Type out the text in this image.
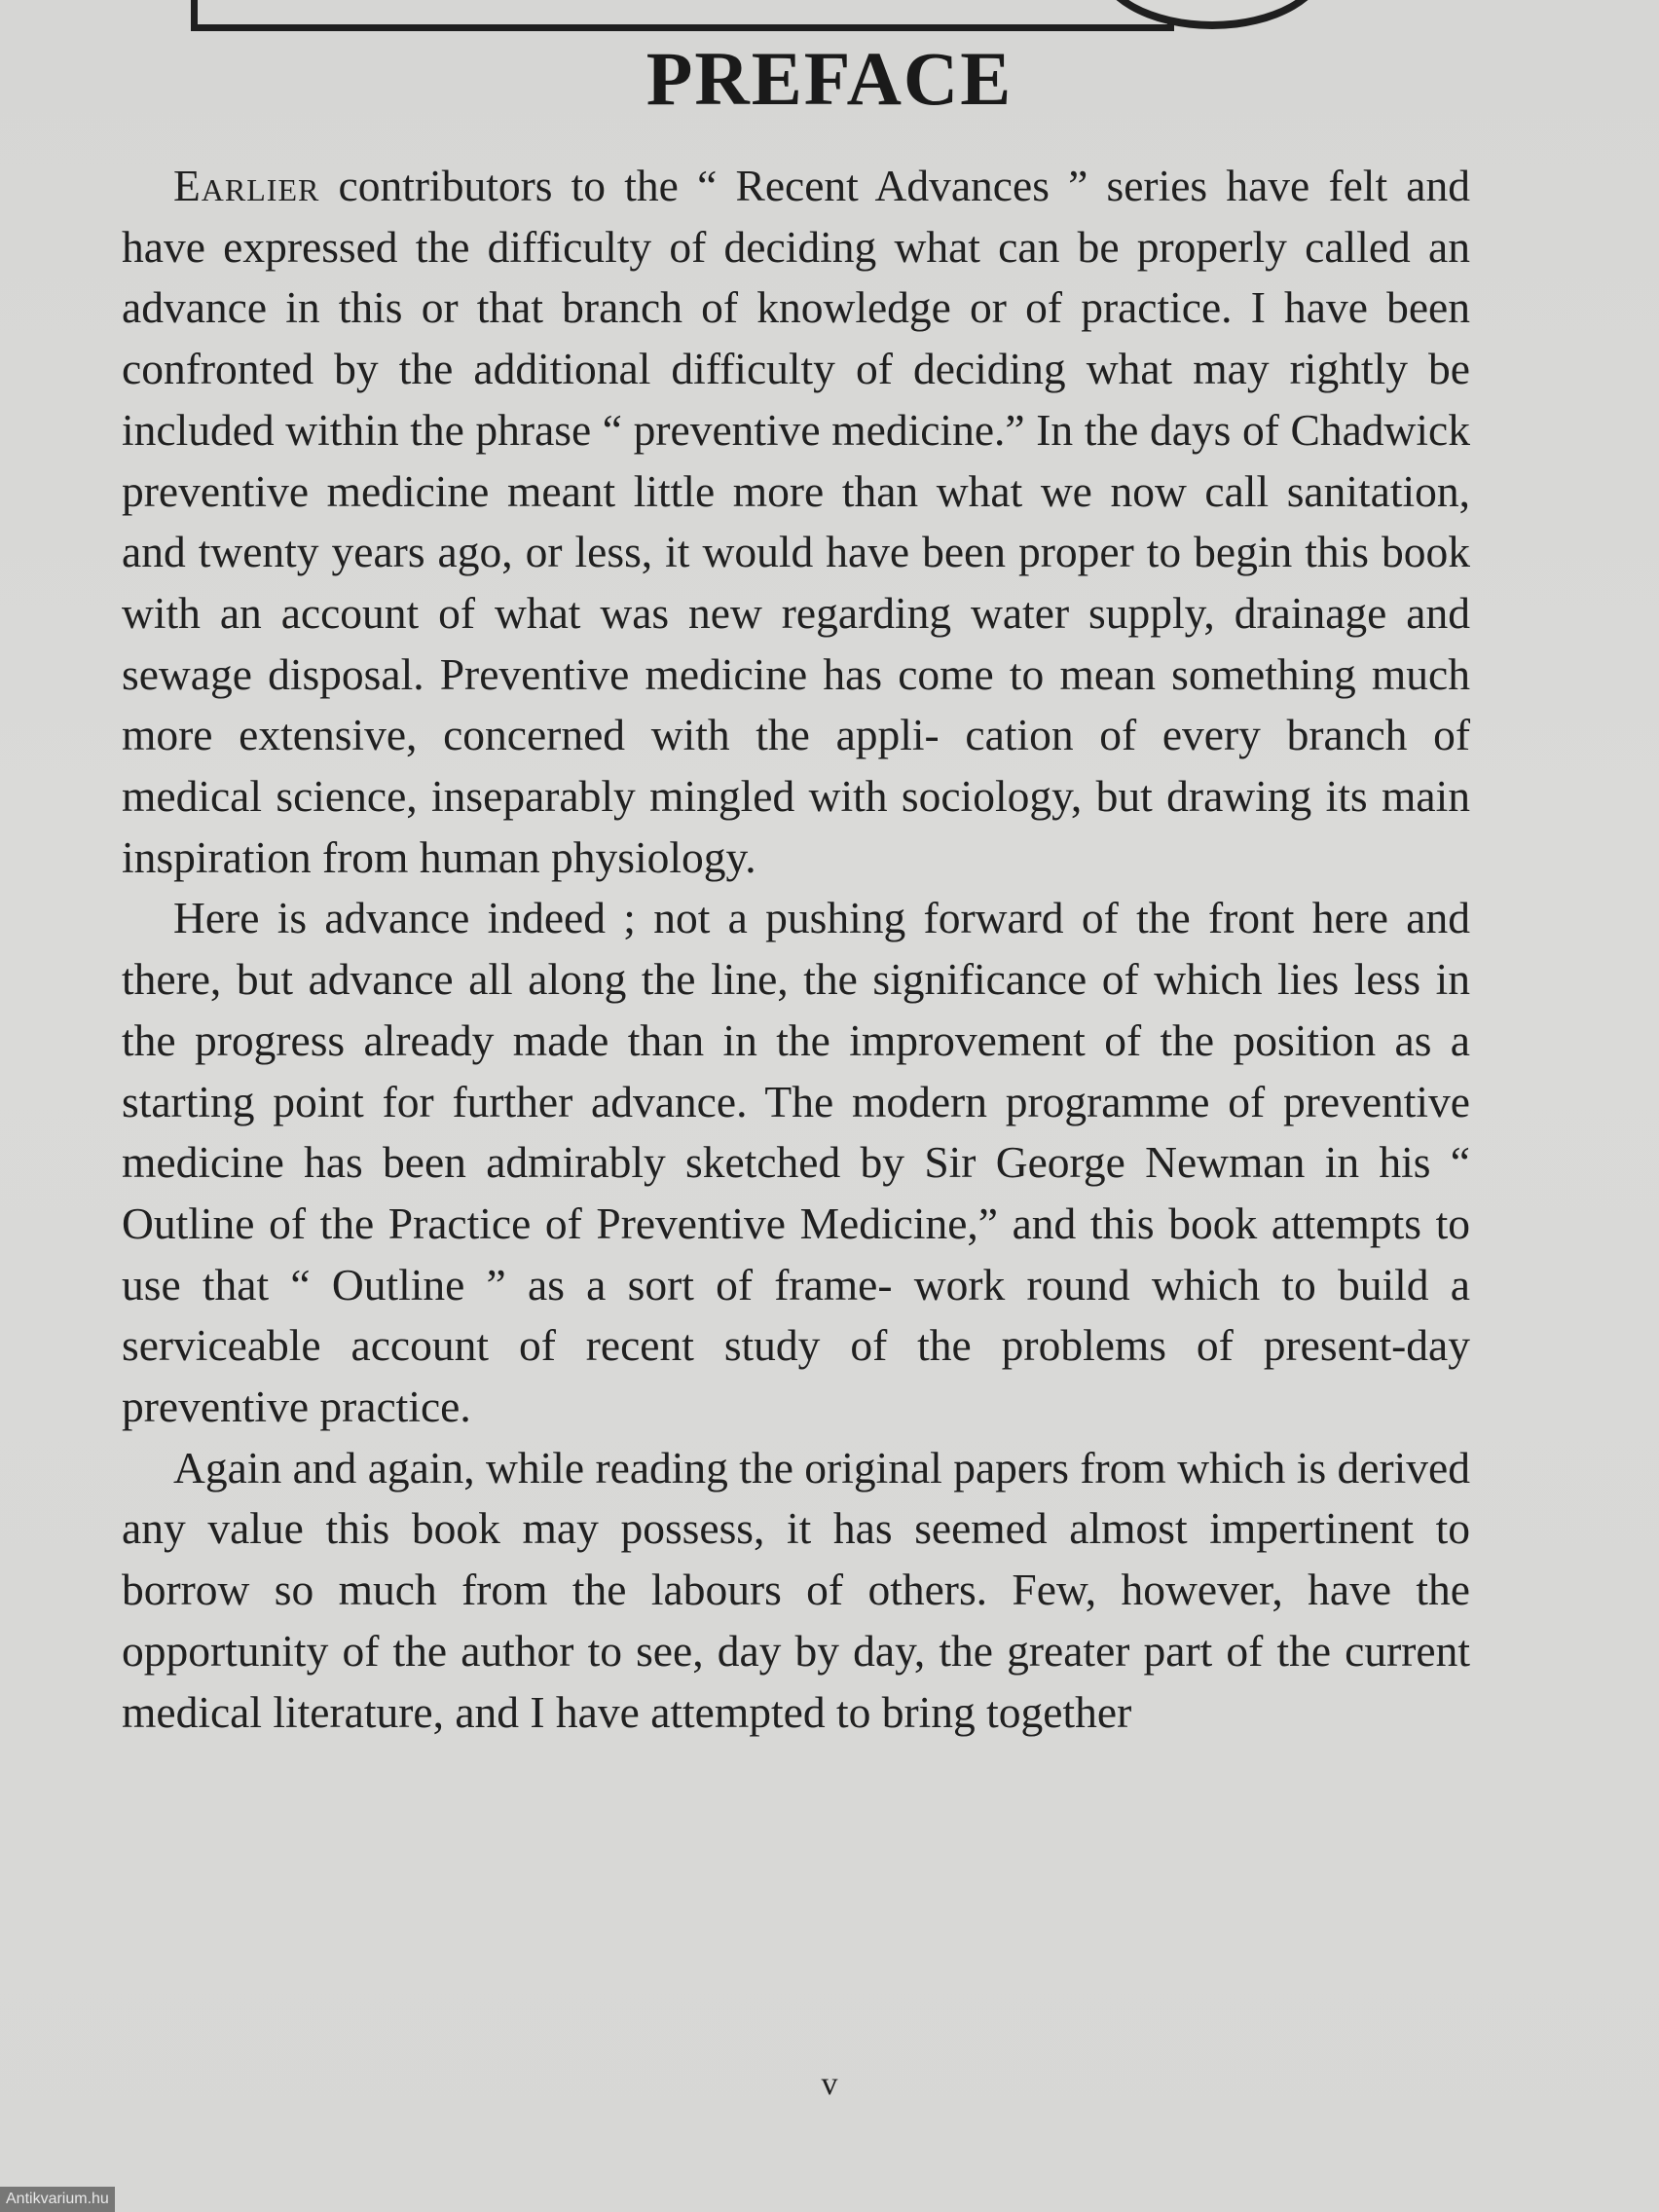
PREFACE

Earlier contributors to the “ Recent Advances ” series have felt and have expressed the difficulty of deciding what can be properly called an advance in this or that branch of knowledge or of practice. I have been confronted by the additional difficulty of deciding what may rightly be included within the phrase “ preventive medicine.” In the days of Chadwick preventive medicine meant little more than what we now call sanitation, and twenty years ago, or less, it would have been proper to begin this book with an account of what was new regarding water supply, drainage and sewage disposal. Preventive medicine has come to mean something much more extensive, concerned with the appli- cation of every branch of medical science, inseparably mingled with sociology, but drawing its main inspiration from human physiology.

Here is advance indeed ; not a pushing forward of the front here and there, but advance all along the line, the significance of which lies less in the progress already made than in the improvement of the position as a starting point for further advance. The modern programme of preventive medicine has been admirably sketched by Sir George Newman in his “ Outline of the Practice of Preventive Medicine,” and this book attempts to use that “ Outline ” as a sort of frame- work round which to build a serviceable account of recent study of the problems of present-day preventive practice.

Again and again, while reading the original papers from which is derived any value this book may possess, it has seemed almost impertinent to borrow so much from the labours of others. Few, however, have the opportunity of the author to see, day by day, the greater part of the current medical literature, and I have attempted to bring together

v
Antikvarium.hu
